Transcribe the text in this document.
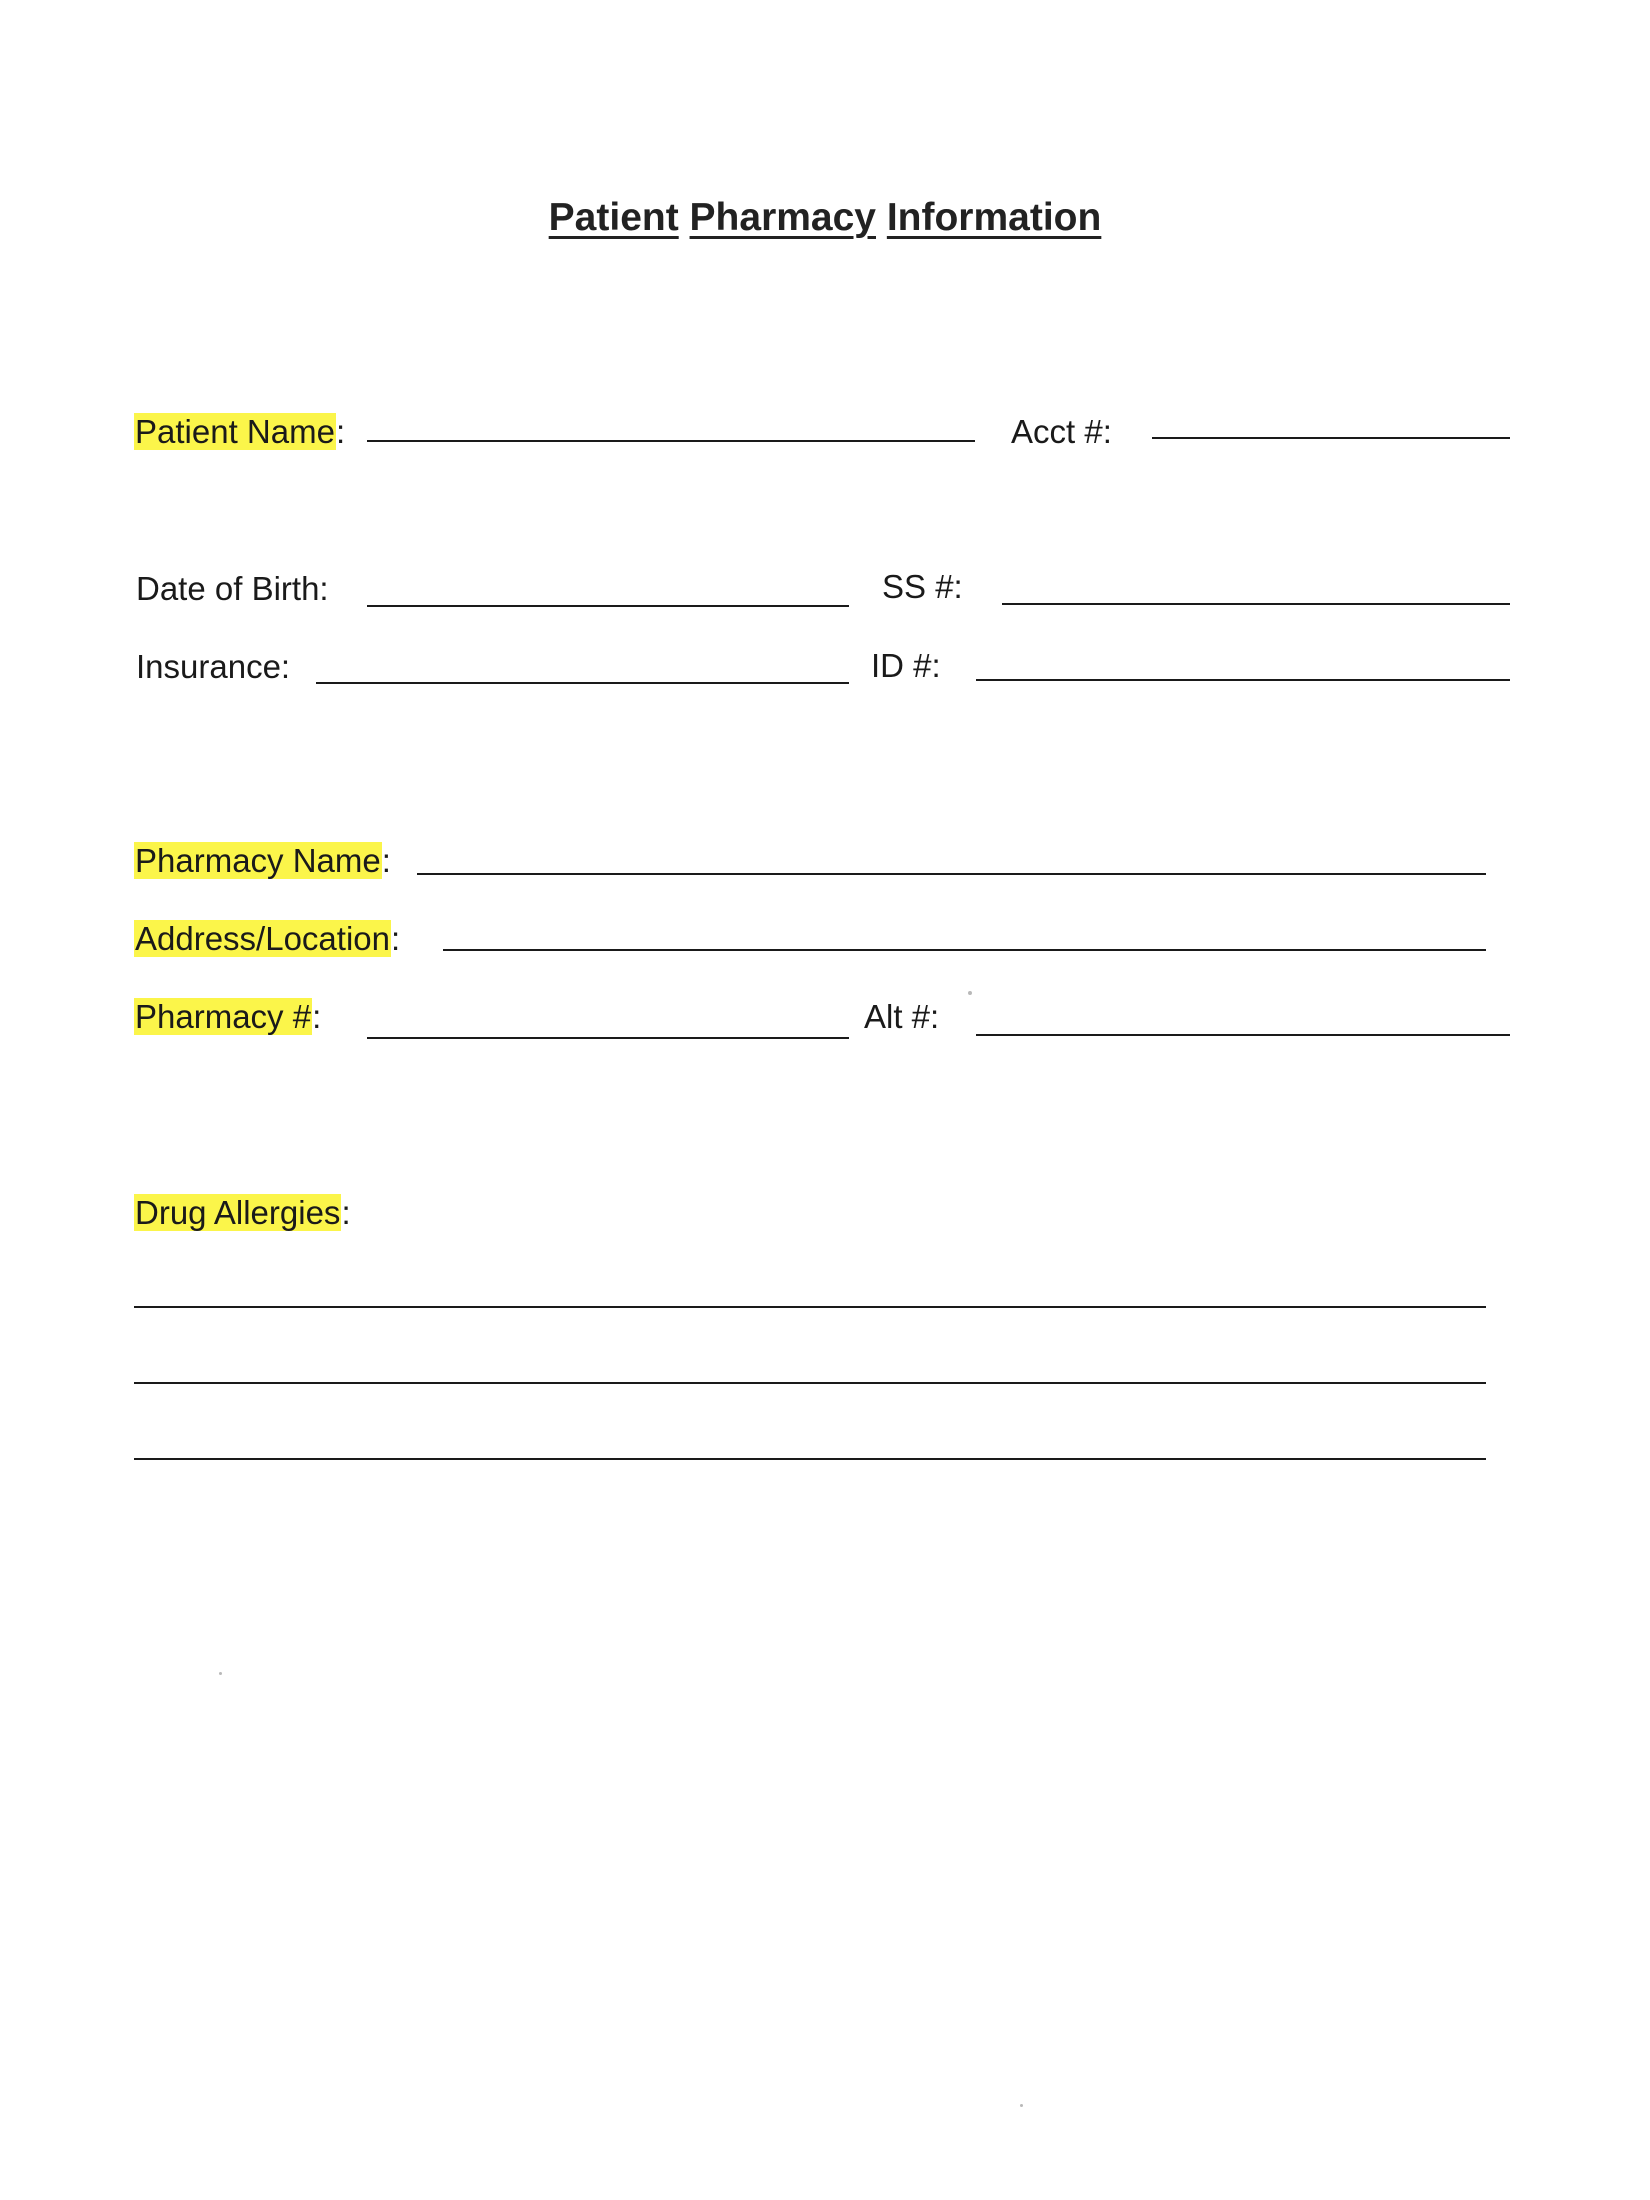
Patient Pharmacy Information
Patient Name:	Acct #:
Date of Birth:	SS #:
Insurance:	ID #:
Pharmacy Name:
Address/Location:
Pharmacy #:	Alt #:
Drug Allergies:
